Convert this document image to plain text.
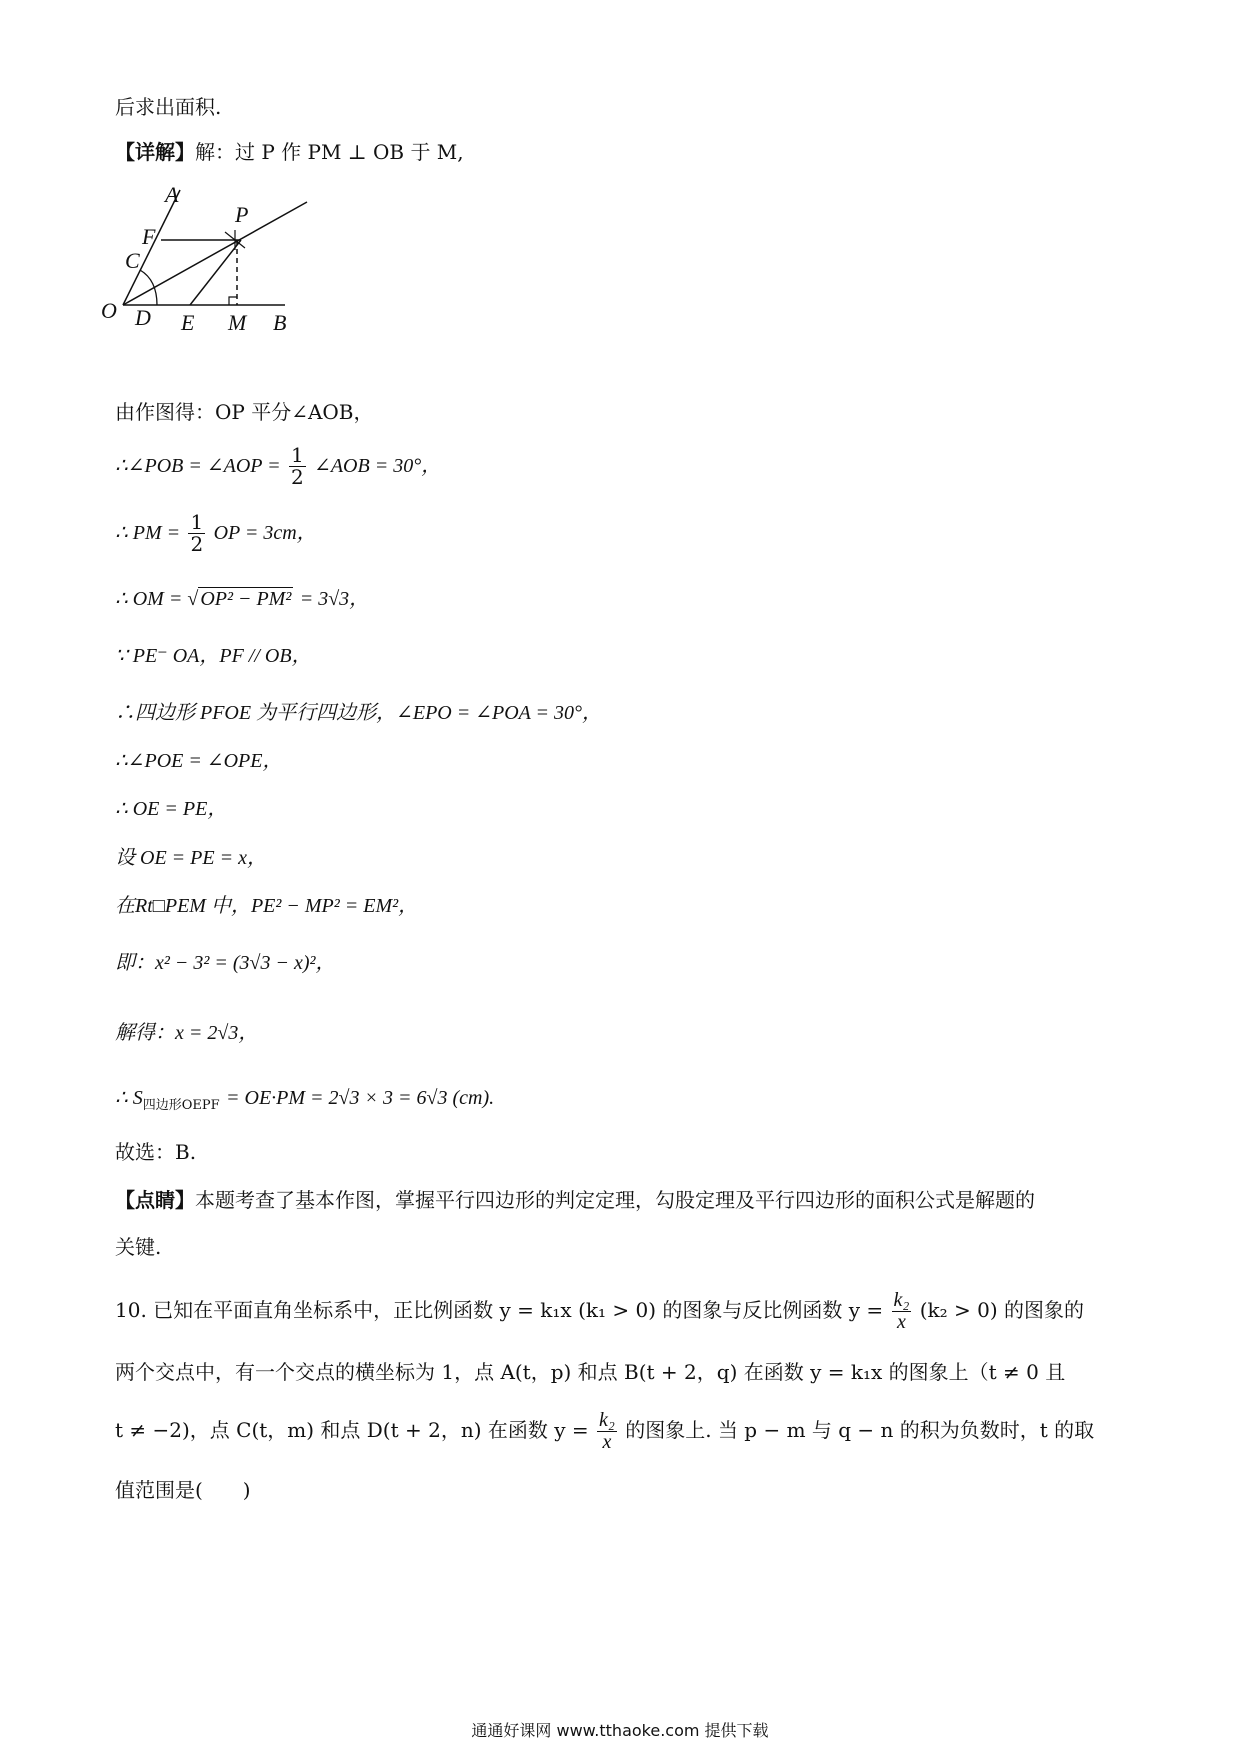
后求出面积.
【详解】解：过 P 作 PM ⊥ OB 于 M,
A
P
F
C
O D E M B
由作图得：OP 平分∠AOB，
∴∠POB = ∠AOP = $\frac{1}{2}$ ∠AOB = 30°，
∴ PM = $\frac{1}{2}$ OP = 3cm，
∴ OM = √ OP² − PM² = 3√3，
∵ PE⁻ OA，PF // OB，
∴四边形 PFOE 为平行四边形，∠EPO = ∠POA = 30°，
∴∠POE = ∠OPE，
∴ OE = PE，
设 OE = PE = x，
在Rt□PEM 中，PE² − MP² = EM²，
即：x² − 3² = (3√3 − x)²，
解得：x = 2√3，
∴ $S_{四边形OEPF} = OE\cdot PM = 2√3 \times 3 = 6√3$ (cm).
故选：B.
【点睛】本题考查了基本作图，掌握平行四边形的判定定理，勾股定理及平行四边形的面积公式是解题的
关键.
10. 已知在平面直角坐标系中，正比例函数 y = k₁x (k₁ > 0) 的图象与反比例函数 $y = \frac{\text{k₂}}{x} (k_2 > 0)$ 的图象的
两个交点中，有一个交点的横坐标为 1，点 A(t，p) 和点 B(t + 2，q) 在函数 y = k₁x 的图象上（t ≠ 0 且
t ≠ −2)，点 C(t，m) 和点 D(t + 2，n) 在函数 $y = \frac{\text{k₂}}{x}$ 的图象上. 当 p − m 与 q − n 的积为负数时，t 的取
值范围是(　　)
通通好课网 www.tthaoke.com 提供下载
